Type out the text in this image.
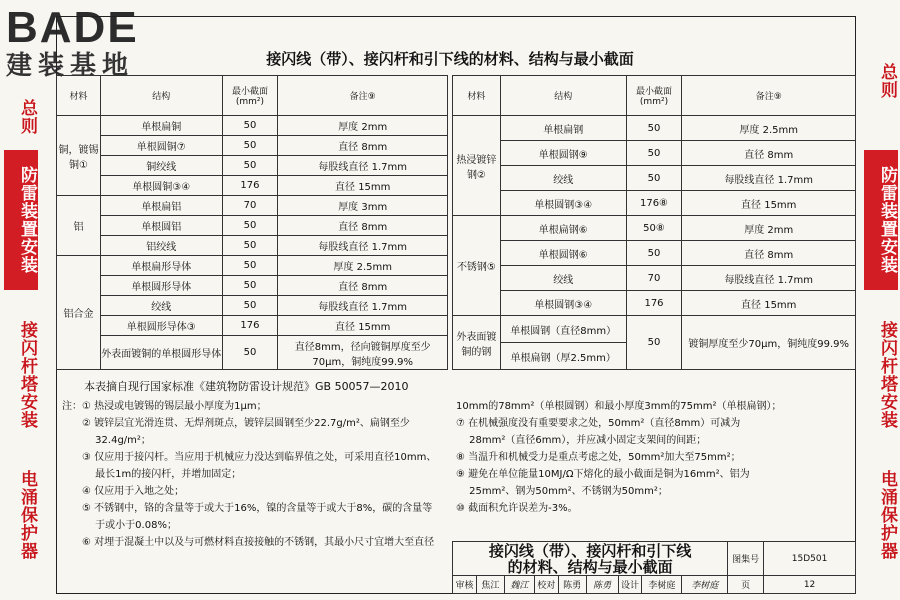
BADE
建装基地
总则
防雷装置安装
接闪杆塔安装
电涌保护器
总则
防雷装置安装
接闪杆塔安装
电涌保护器
接闪线（带）、接闪杆和引下线的材料、结构与最小截面
材料	结构	最小截面 (mm²)	备注⑨
铜，镀锡铜①	单根扁铜	50	厚度 2mm
	单根圆铜⑦	50	直径 8mm
	铜绞线	50	每股线直径 1.7mm
	单根圆铜③④	176	直径 15mm
铝	单根扁铝	70	厚度 3mm
	单根圆铝	50	直径 8mm
	铝绞线	50	每股线直径 1.7mm
铝合金	单根扁形导体	50	厚度 2.5mm
	单根圆形导体	50	直径 8mm
	绞线	50	每股线直径 1.7mm
	单根圆形导体③	176	直径 15mm
	外表面镀铜的单根圆形导体	50	直径8mm，径向镀铜厚度至少70μm，铜纯度99.9%
材料	结构	最小截面 (mm²)	备注⑨
热浸镀锌钢②	单根扁钢	50	厚度 2.5mm
	单根圆钢⑨	50	直径 8mm
	绞线	50	每股线直径 1.7mm
	单根圆钢③④	176⑧	直径 15mm
不锈钢⑤	单根扁钢⑥	50⑧	厚度 2mm
	单根圆钢⑥	50	直径 8mm
	绞线	70	每股线直径 1.7mm
	单根圆钢③④	176	直径 15mm
外表面镀铜的钢	单根圆钢（直径8mm）	50	镀铜厚度至少70μm，铜纯度99.9%
	单根扁钢（厚2.5mm）		
本表摘自现行国家标准《建筑物防雷设计规范》GB 50057—2010
注：① 热浸或电镀锡的锡层最小厚度为1μm；
　　② 镀锌层宜光滑连贯、无焊剂斑点，镀锌层圆钢至少22.7g/m²、扁钢至少
　　　 32.4g/m²；
　　③ 仅应用于接闪杆。当应用于机械应力没达到临界值之处，可采用直径10mm、
　　　 最长1m的接闪杆，并增加固定；
　　④ 仅应用于入地之处；
　　⑤ 不锈钢中，铬的含量等于或大于16%，镍的含量等于或大于8%，碳的含量等
　　　 于或小于0.08%；
　　⑥ 对埋于混凝土中以及与可燃材料直接接触的不锈钢，其最小尺寸宜增大至直径
10mm的78mm²（单根圆钢）和最小厚度3mm的75mm²（单根扁钢）；
⑦ 在机械强度没有重要要求之处，50mm²（直径8mm）可减为
　 28mm²（直径6mm），并应减小固定支架间的间距；
⑧ 当温升和机械受力是重点考虑之处，50mm²加大至75mm²；
⑨ 避免在单位能量10MJ/Ω下熔化的最小截面是铜为16mm²、铝为
　 25mm²、钢为50mm²、不锈钢为50mm²；
⑩ 截面积允许误差为-3%。
接闪线（带）、接闪杆和引下线
的材料、结构与最小截面									图集号	15D501
审核	焦江	魏江	校对	陈勇	陈勇	设计	李树庭	李树庭	页	12
